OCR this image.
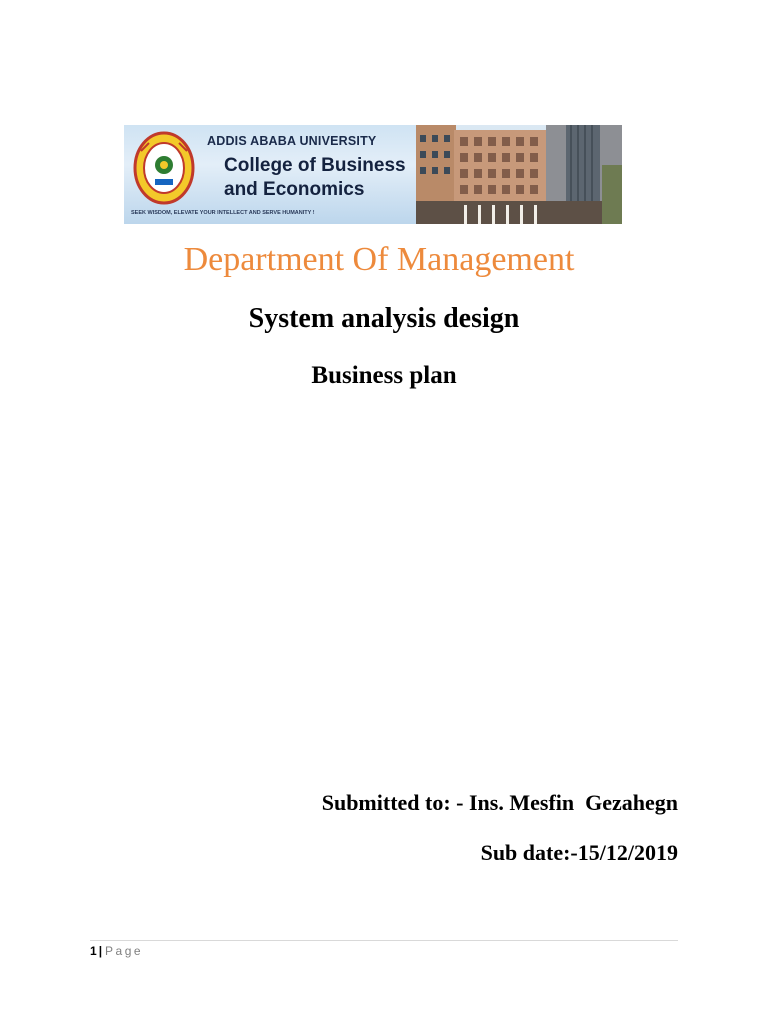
ADDIS ABABA UNIVERSITY
College of Business
and Economics
SEEK WISDOM, ELEVATE YOUR INTELLECT AND SERVE HUMANITY !
Department Of Management
System analysis design
Business plan
Submitted to: - Ins. Mesfin  Gezahegn
Sub date:-15/12/2019
1 | Page
